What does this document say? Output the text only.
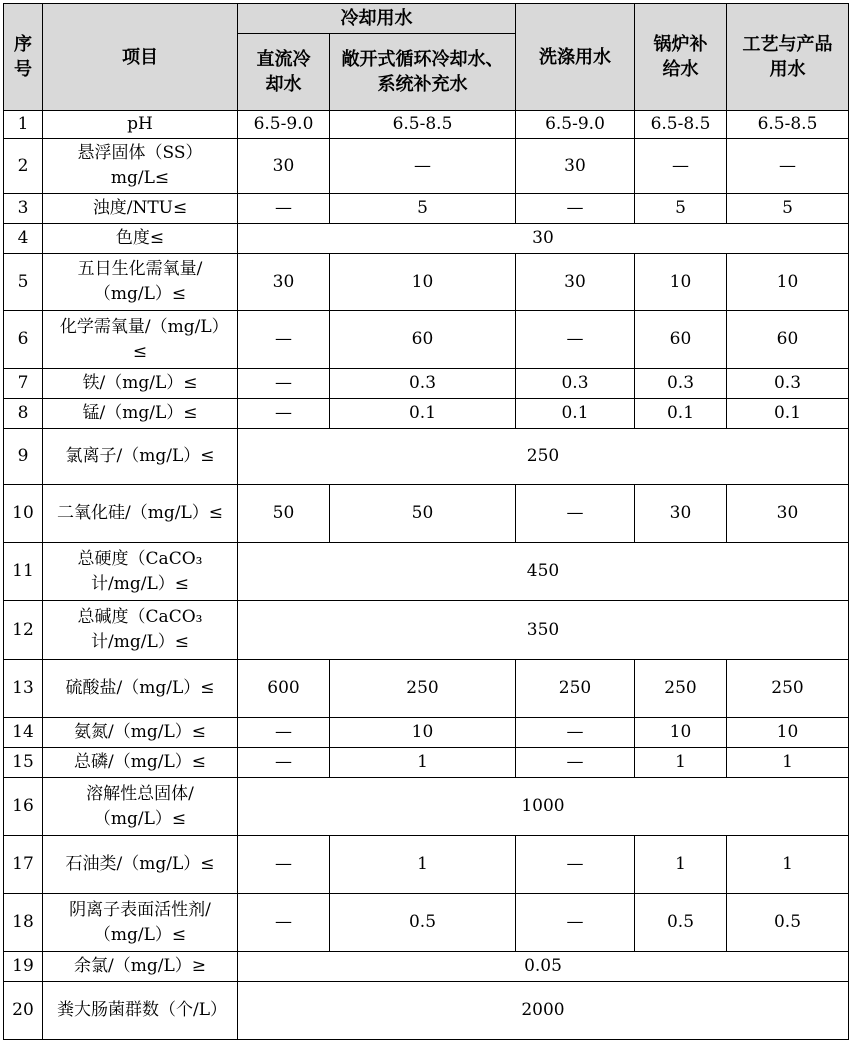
序号	项目	冷却用水		洗涤用水	锅炉补给水	工艺与产品用水
		直流冷却水	敞开式循环冷却水、系统补充水			
1	pH	6.5-9.0	6.5-8.5	6.5-9.0	6.5-8.5	6.5-8.5
2	悬浮固体（SS）mg/L≤	30	—	30	—	—
3	浊度/NTU≤	—	5	—	5	5
4	色度≤	30				
5	五日生化需氧量/（mg/L）≤	30	10	30	10	10
6	化学需氧量/（mg/L）≤	—	60	—	60	60
7	铁/（mg/L）≤	—	0.3	0.3	0.3	0.3
8	锰/（mg/L）≤	—	0.1	0.1	0.1	0.1
9	氯离子/（mg/L）≤	250				
10	二氧化硅/（mg/L）≤	50	50	—	30	30
11	总硬度（CaCO₃计/mg/L）≤	450				
12	总碱度（CaCO₃计/mg/L）≤	350				
13	硫酸盐/（mg/L）≤	600	250	250	250	250
14	氨氮/（mg/L）≤	—	10	—	10	10
15	总磷/（mg/L）≤	—	1	—	1	1
16	溶解性总固体/（mg/L）≤	1000				
17	石油类/（mg/L）≤	—	1	—	1	1
18	阴离子表面活性剂/（mg/L）≤	—	0.5	—	0.5	0.5
19	余氯/（mg/L）≥	0.05				
20	粪大肠菌群数（个/L）	2000				
